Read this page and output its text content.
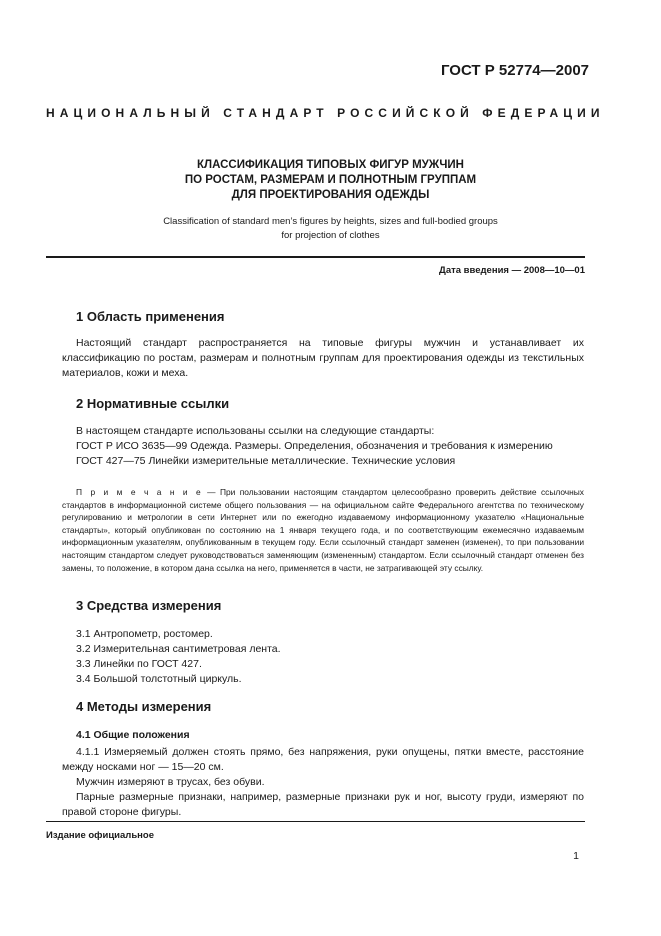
ГОСТ Р 52774—2007
НАЦИОНАЛЬНЫЙ СТАНДАРТ РОССИЙСКОЙ ФЕДЕРАЦИИ
КЛАССИФИКАЦИЯ ТИПОВЫХ ФИГУР МУЖЧИН
ПО РОСТАМ, РАЗМЕРАМ И ПОЛНОТНЫМ ГРУППАМ
ДЛЯ ПРОЕКТИРОВАНИЯ ОДЕЖДЫ
Classification of standard men’s figures by heights, sizes and full-bodied groups
for projection of clothes
Дата введения — 2008—10—01
1 Область применения

Настоящий стандарт распространяется на типовые фигуры мужчин и устанавливает их классификацию по ростам, размерам и полнотным группам для проектирования одежды из текстильных материалов, кожи и меха.

2 Нормативные ссылки

В настоящем стандарте использованы ссылки на следующие стандарты:

ГОСТ Р ИСО 3635—99 Одежда. Размеры. Определения, обозначения и требования к измерению

ГОСТ 427—75 Линейки измерительные металлические. Технические условия

П р и м е ч а н и е — При пользовании настоящим стандартом целесообразно проверить действие ссылочных стандартов в информационной системе общего пользования — на официальном сайте Федерального агентства по техническому регулированию и метрологии в сети Интернет или по ежегодно издаваемому информационному указателю «Национальные стандарты», который опубликован по состоянию на 1 января текущего года, и по соответствующим ежемесячно издаваемым информационным указателям, опубликованным в текущем году. Если ссылочный стандарт заменен (изменен), то при пользовании настоящим стандартом следует руководствоваться заменяющим (измененным) стандартом. Если ссылочный стандарт отменен без замены, то положение, в котором дана ссылка на него, применяется в части, не затрагивающей эту ссылку.

3 Средства измерения
3.1 Антропометр, ростомер.
3.2 Измерительная сантиметровая лента.
3.3 Линейки по ГОСТ 427.
3.4 Большой толстотный циркуль.
4 Методы измерения
4.1 Общие положения

4.1.1 Измеряемый должен стоять прямо, без напряжения, руки опущены, пятки вместе, расстояние между носками ног — 15—20 см.

Мужчин измеряют в трусах, без обуви.

Парные размерные признаки, например, размерные признаки рук и ног, высоту груди, измеряют по правой стороне фигуры.

Издание официальное
1
